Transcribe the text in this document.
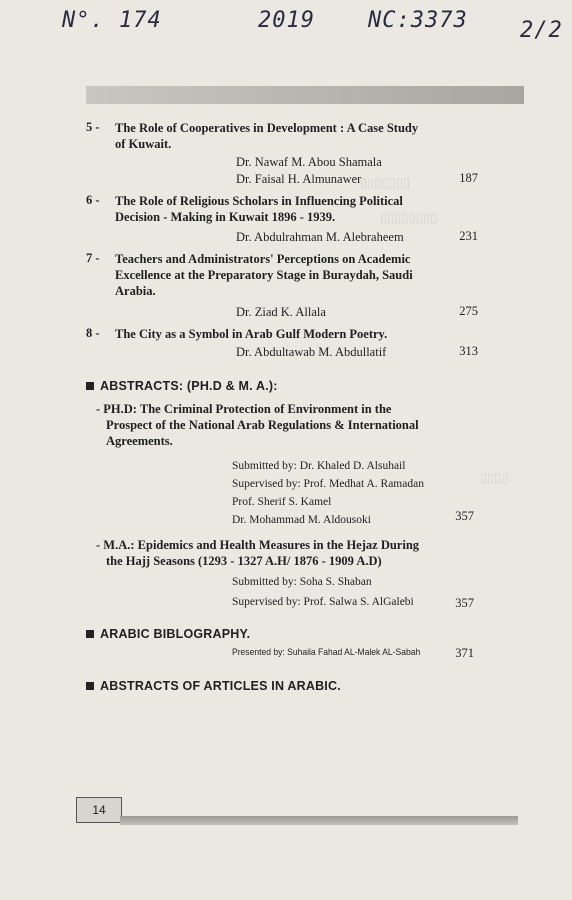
▯▯▯▯▯▯▯
▯▯▯▯▯▯▯▯
▯▯▯▯
N°. 174	2019 NC:3373 2/2
5 - The Role of Cooperatives in Development : A Case Study
of Kuwait.
Dr. Nawaf M. Abou Shamala
Dr. Faisal H. Almunawer	187
6 - The Role of Religious Scholars in Influencing Political
Decision - Making in Kuwait 1896 - 1939.
Dr. Abdulrahman M. Alebraheem	231
7 - Teachers and Administrators' Perceptions on Academic
Excellence at the Preparatory Stage in Buraydah, Saudi
Arabia.
Dr. Ziad K. Allala	275
8 - The City as a Symbol in Arab Gulf Modern Poetry.
Dr. Abdultawab M. Abdullatif	313
ABSTRACTS: (PH.D & M. A.):
- PH.D: The Criminal Protection of Environment in the
Prospect of the National Arab Regulations & International
Agreements.
Submitted by: Dr. Khaled D. Alsuhail
Supervised by: Prof. Medhat A. Ramadan
Prof. Sherif S. Kamel
Dr. Mohammad M. Aldousoki	357
- M.A.: Epidemics and Health Measures in the Hejaz During
the Hajj Seasons (1293 - 1327 A.H/ 1876 - 1909 A.D)
Submitted by: Soha S. Shaban
Supervised by: Prof. Salwa S. AlGalebi	357
ARABIC BIBLOGRAPHY.
Presented by: Suhaila Fahad AL-Malek AL-Sabah	371
ABSTRACTS OF ARTICLES IN ARABIC.
14
